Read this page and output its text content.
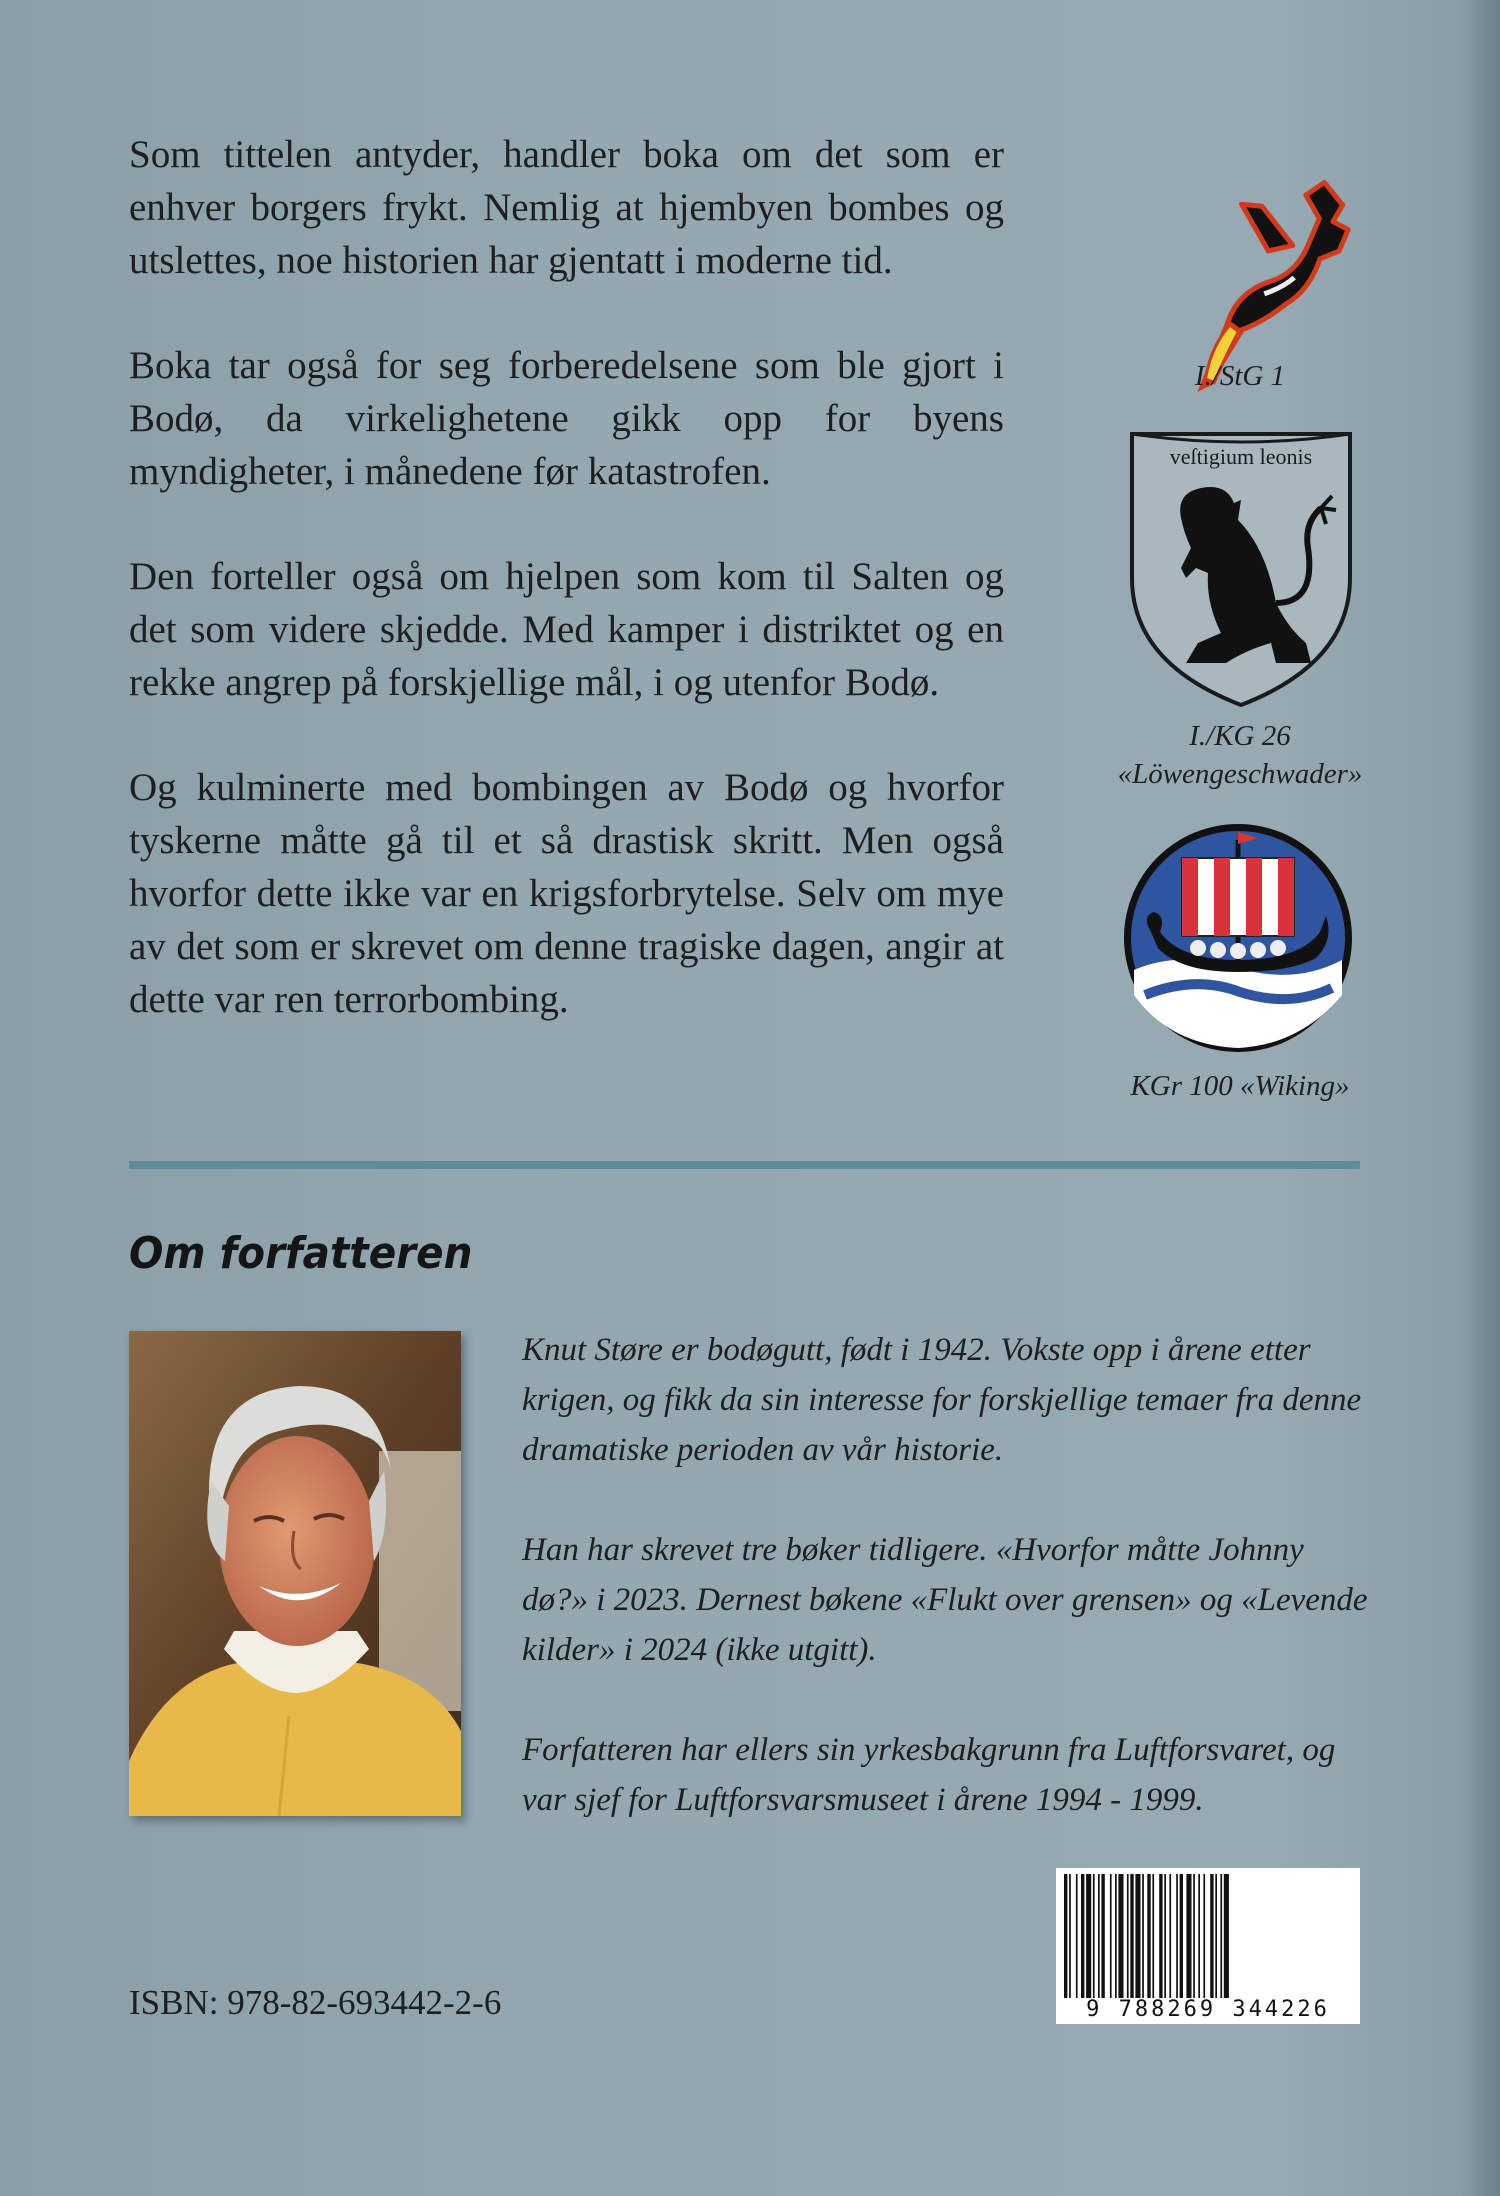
Som tittelen antyder, handler boka om det som er enhver borgers frykt. Nemlig at hjembyen bombes og utslettes, noe historien har gjentatt i moderne tid.

Boka tar også for seg forberedelsene som ble gjort i Bodø, da virkelighetene gikk opp for byens myndigheter, i månedene før katastrofen.

Den forteller også om hjelpen som kom til Salten og det som videre skjedde. Med kamper i distriktet og en rekke angrep på forskjellige mål, i og utenfor Bodø.

Og kulminerte med bombingen av Bodø og hvorfor tyskerne måtte gå til et så drastisk skritt. Men også hvorfor dette ikke var en krigsforbrytelse. Selv om mye av det som er skrevet om denne tragiske dagen, angir at dette var ren terrorbombing.

I./StG 1
veſtigium leonis
I./KG 26
«Löwengeschwader»
KGr 100 «Wiking»
Om forfatteren

Knut Støre er bodøgutt, født i 1942. Vokste opp i årene etter krigen, og fikk da sin interesse for forskjellige temaer fra denne dramatiske perioden av vår historie.

Han har skrevet tre bøker tidligere. «Hvorfor måtte Johnny dø?» i 2023. Dernest bøkene «Flukt over grensen» og «Levende kilder» i 2024 (ikke utgitt).

Forfatteren har ellers sin yrkesbakgrunn fra Luftforsvaret, og var sjef for Luftforsvarsmuseet i årene 1994 - 1999.

ISBN: 978-82-693442-2-6	9 788269 344226
